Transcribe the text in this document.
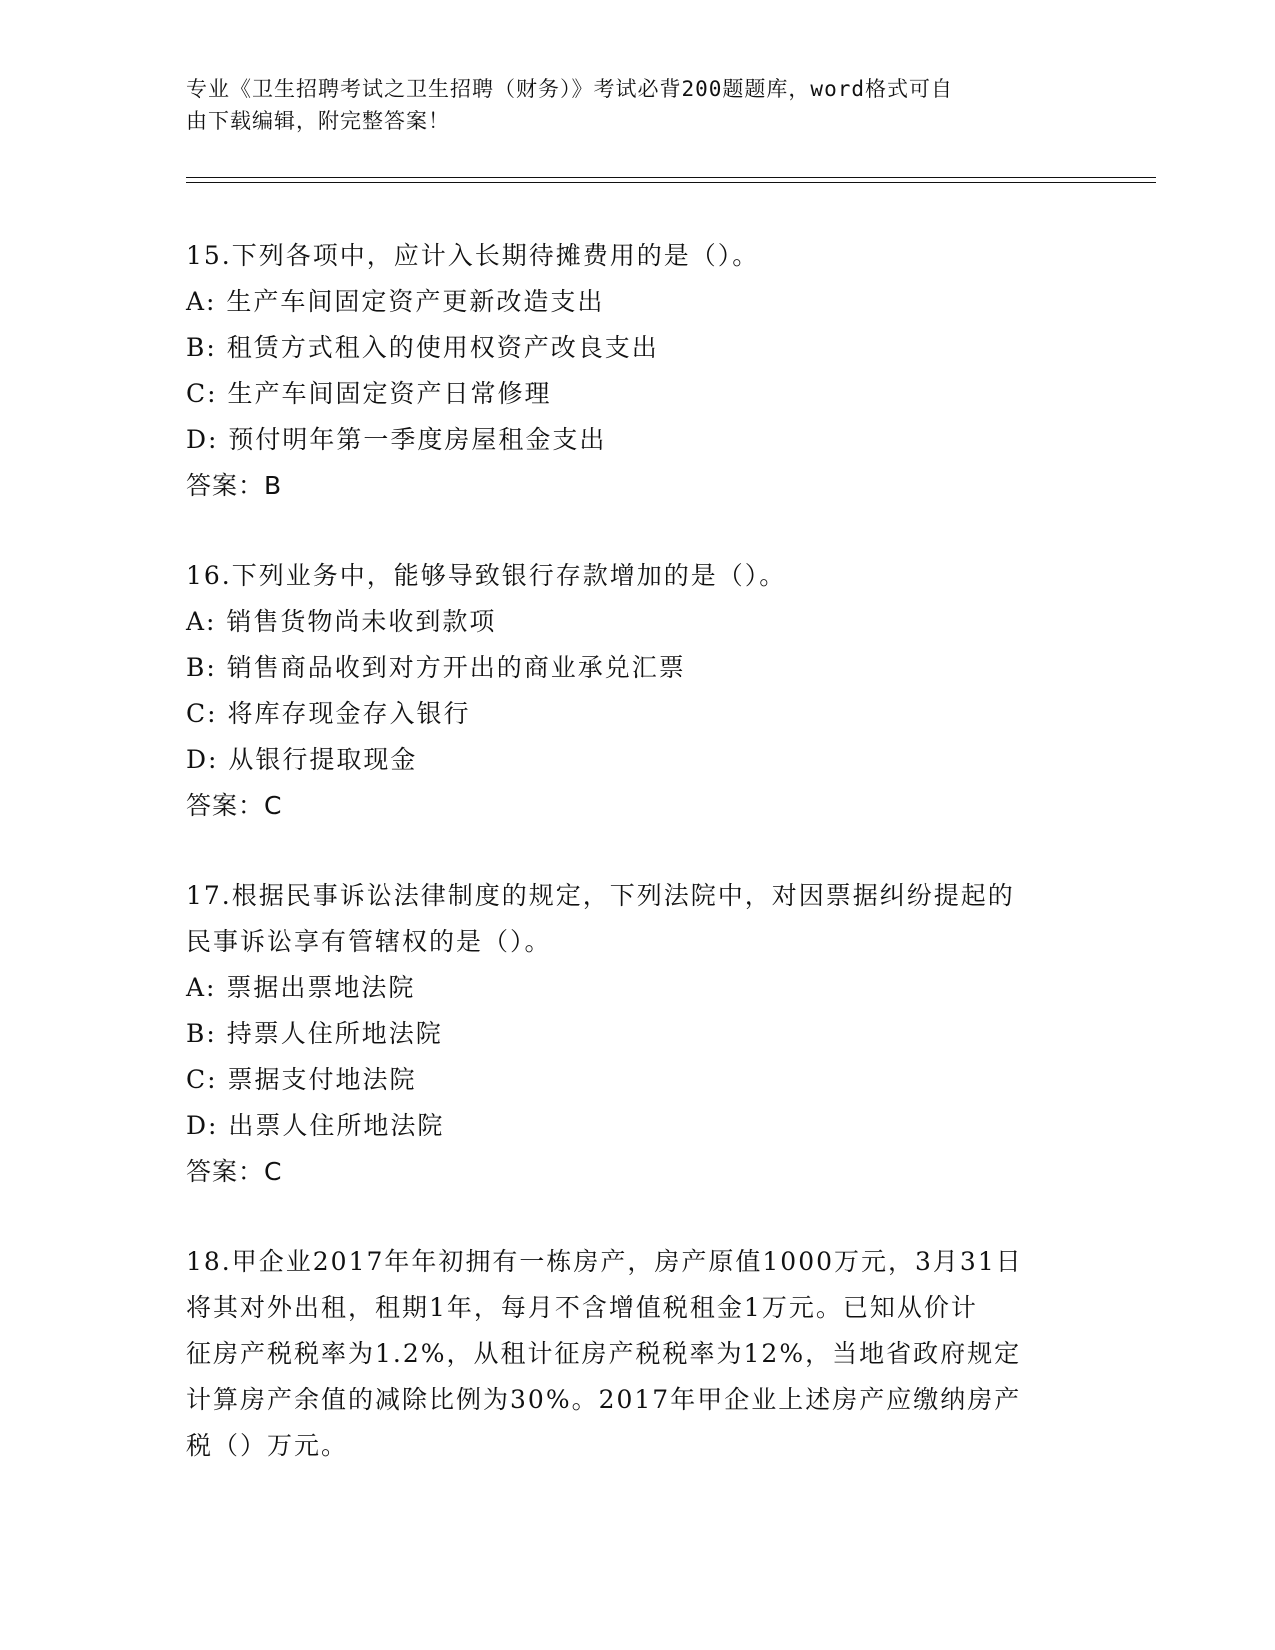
专业《卫生招聘考试之卫生招聘（财务）》考试必背200题题库，word格式可自
由下载编辑，附完整答案！

15.下列各项中，应计入长期待摊费用的是（）。

A: 生产车间固定资产更新改造支出

B: 租赁方式租入的使用权资产改良支出

C: 生产车间固定资产日常修理

D: 预付明年第一季度房屋租金支出

答案：B

16.下列业务中，能够导致银行存款增加的是（）。

A: 销售货物尚未收到款项

B: 销售商品收到对方开出的商业承兑汇票

C: 将库存现金存入银行

D: 从银行提取现金

答案：C

17.根据民事诉讼法律制度的规定，下列法院中，对因票据纠纷提起的

民事诉讼享有管辖权的是（）。

A: 票据出票地法院

B: 持票人住所地法院

C: 票据支付地法院

D: 出票人住所地法院

答案：C

18.甲企业2017年年初拥有一栋房产，房产原值1000万元，3月31日

将其对外出租，租期1年，每月不含增值税租金1万元。已知从价计

征房产税税率为1.2%，从租计征房产税税率为12%，当地省政府规定

计算房产余值的减除比例为30%。2017年甲企业上述房产应缴纳房产

税（）万元。
